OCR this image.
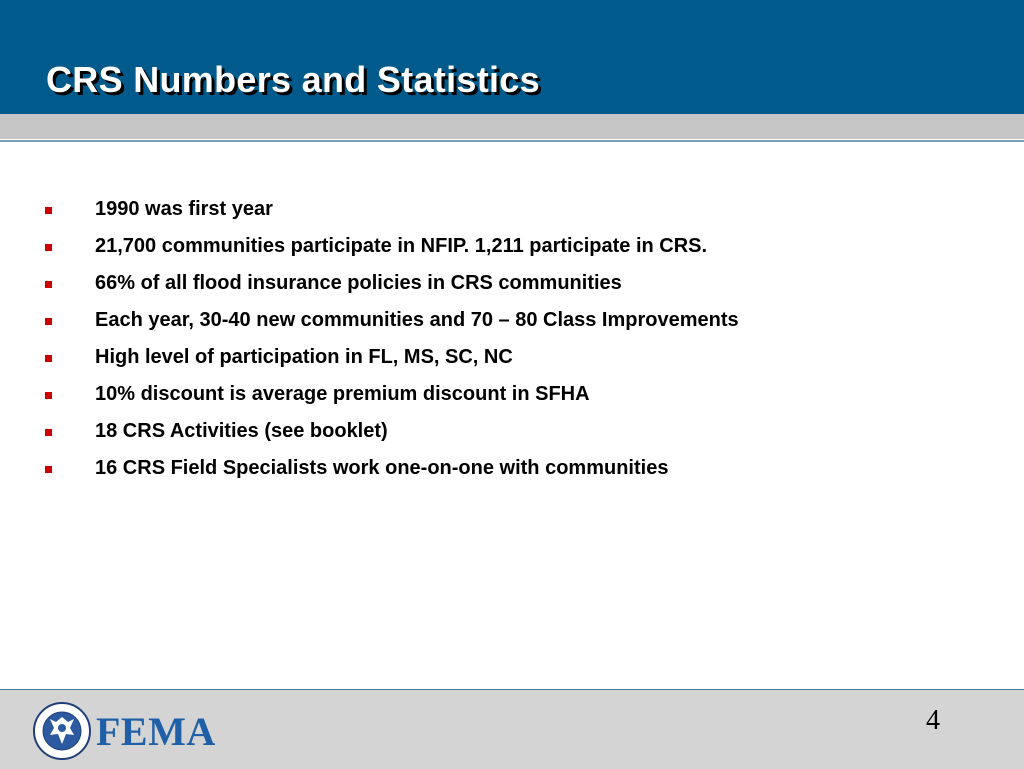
CRS Numbers and Statistics
1990 was first year
21,700 communities participate in NFIP. 1,211 participate in CRS.
66% of all flood insurance policies in CRS communities
Each year, 30-40 new communities and 70 – 80 Class Improvements
High level of participation in FL, MS, SC, NC
10% discount is average premium discount in SFHA
18 CRS Activities (see booklet)
16 CRS Field Specialists work one-on-one with communities
FEMA	4
